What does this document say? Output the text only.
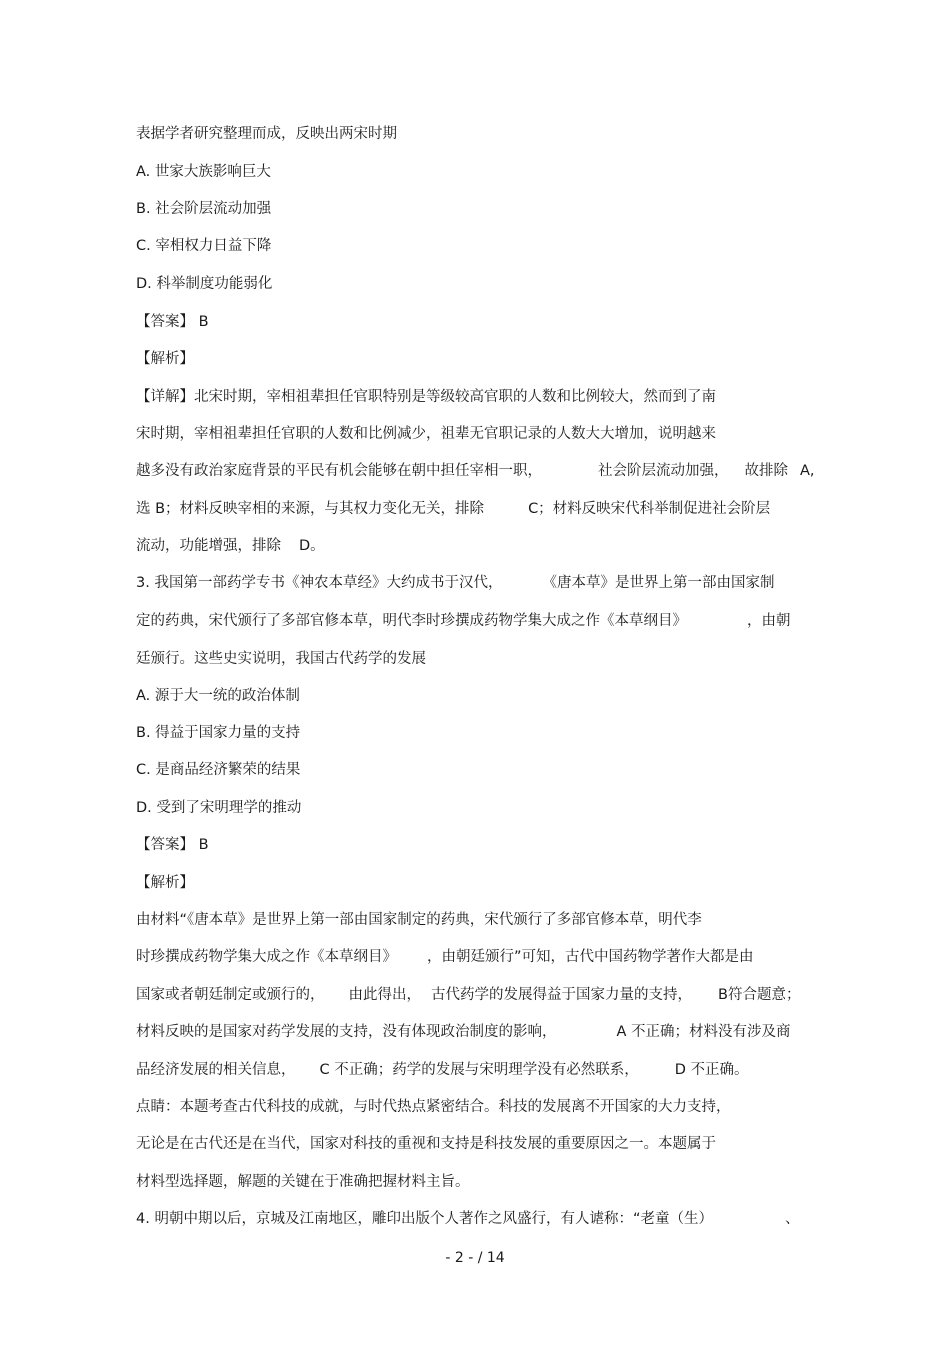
表据学者研究整理而成，反映出两宋时期
A. 世家大族影响巨大
B. 社会阶层流动加强
C. 宰相权力日益下降
D. 科举制度功能弱化
【答案】 B
【解析】
【详解】北宋时期，宰相祖辈担任官职特别是等级较高官职的人数和比例较大，然而到了南
宋时期，宰相祖辈担任官职的人数和比例减少，祖辈无官职记录的人数大大增加，说明越来
越多没有政治家庭背景的平民有机会能够在朝中担任宰相一职，	社会阶层流动加强， 故排除 A,
选 B；材料反映宰相的来源，与其权力变化无关，排除	C；材料反映宋代科举制促进社会阶层
流动，功能增强，排除 D。
3. 我国第一部药学专书《神农本草经》大约成书于汉代，	《唐本草》是世界上第一部由国家制
定的药典，宋代颁行了多部官修本草，明代李时珍撰成药物学集大成之作《本草纲目》	，由朝
廷颁行。这些史实说明，我国古代药学的发展
A. 源于大一统的政治体制
B. 得益于国家力量的支持
C. 是商品经济繁荣的结果
D. 受到了宋明理学的推动
【答案】 B
【解析】
由材料“《唐本草》是世界上第一部由国家制定的药典，宋代颁行了多部官修本草，明代李
时珍撰成药物学集大成之作《本草纲目》 ，由朝廷颁行”可知，古代中国药物学著作大都是由
国家或者朝廷制定或颁行的， 由此得出， 古代药学的发展得益于国家力量的支持， B符合题意；
材料反映的是国家对药学发展的支持，没有体现政治制度的影响，	A 不正确；材料没有涉及商
品经济发展的相关信息， C 不正确；药学的发展与宋明理学没有必然联系， D 不正确。
点睛：本题考查古代科技的成就，与时代热点紧密结合。科技的发展离不开国家的大力支持，
无论是在古代还是在当代，国家对科技的重视和支持是科技发展的重要原因之一。本题属于
材料型选择题，解题的关键在于准确把握材料主旨。
4. 明朝中期以后，京城及江南地区，雕印出版个人著作之风盛行，有人谑称：“老童（生）	、
- 2 - / 14
